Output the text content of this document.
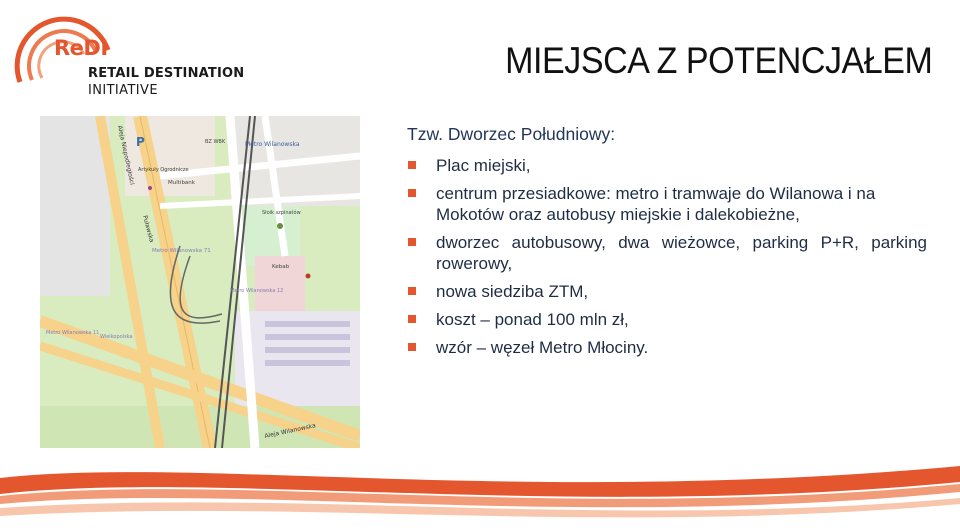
ReDI
RETAIL DESTINATION
INITIATIVE
MIEJSCA Z POTENCJAŁEM
Metro Wilanowska
Aleja Wilanowska
Puławska
Aleja Niepodległości
Metro Wilanowska 71
Multibank
Kebab
Artykuły Ogrodnicze
BZ WBK
P
Słoik szpinatów
Wielkopolska
Metro Wilanowska 11
Metro Wilanowska 12

Tzw. Dworzec Południowy:

Plac miejski,
centrum przesiadkowe: metro i tramwaje do Wilanowa i na Mokotów oraz autobusy miejskie i dalekobieżne,
dworzec autobusowy, dwa wieżowce, parking P+R, parking rowerowy,
nowa siedziba ZTM,
koszt – ponad 100 mln zł,
wzór – węzeł Metro Młociny.
